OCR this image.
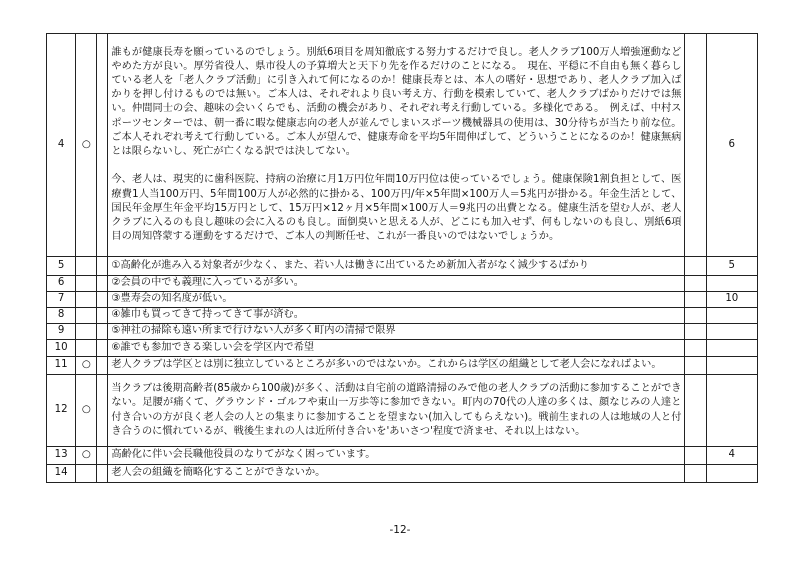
4	○		誰もが健康長寿を願っているのでしょう。別紙6項目を周知徹底する努力するだけで良し。老人クラブ100万人増強運動などやめた方が良い。厚労省役人、県市役人の予算増大と天下り先を作るだけのことになる。　現在、平穏に不自由も無く暮らしている老人を「老人クラブ活動」に引き入れて何になるのか！健康長寿とは、本人の嗜好・思想であり、老人クラブ加入ばかりを押し付けるものでは無い。ご本人は、それぞれより良い考え方、行動を模索していて、老人クラブばかりだけでは無い。仲間同士の会、趣味の会いくらでも、活動の機会があり、それぞれ考え行動している。多様化である。　例えば、中村スポーツセンターでは、朝一番に暇な健康志向の老人が並んでしまいスポーツ機械器具の使用は、30分待ちが当たり前な位。ご本人それぞれ考えて行動している。ご本人が望んで、健康寿命を平均5年間伸ばして、どういうことになるのか！健康無病とは限らないし、死亡が亡くなる訳では決してない。

今、老人は、現実的に歯科医院、持病の治療に月1万円位年間10万円位は使っているでしょう。健康保険1割負担として、医療費1人当100万円、5年間100万人が必然的に掛かる、100万円/年×5年間×100万人＝5兆円が掛かる。年金生活として、国民年金厚生年金平均15万円として、15万円×12ヶ月×5年間×100万人＝9兆円の出費となる。健康生活を望む人が、老人クラブに入るのも良し趣味の会に入るのも良し。面倒臭いと思える人が、どこにも加入せず、何もしないのも良し、別紙6項目の周知啓蒙する運動をするだけで、ご本人の判断任せ、これが一番良いのではないでしょうか。		6
5			①高齢化が進み入る対象者が少なく、また、若い人は働きに出ているため新加入者がなく減少するばかり		5
6			②会員の中でも義理に入っているが多い。		

7			③豊寿会の知名度が低い。		10
8			④雑巾も買ってきて持ってきて事が済む。		

9			⑤神社の掃除も遠い所まで行けない人が多く町内の清掃で限界		

10			⑥誰でも参加できる楽しい会を学区内で希望		

11	○		老人クラブは学区とは別に独立しているところが多いのではないか。これからは学区の組織として老人会になればよい。		

12	○		当クラブは後期高齢者(85歳から100歳)が多く、活動は自宅前の道路清掃のみで他の老人クラブの活動に参加することができない。足腰が痛くて、グラウンド・ゴルフや東山一万歩等に参加できない。町内の70代の人達の多くは、顔なじみの人達と付き合いの方が良く老人会の人との集まりに参加することを望まない(加入してもらえない)。戦前生まれの人は地域の人と付き合うのに慣れているが、戦後生まれの人は近所付き合いを'あいさつ'程度で済ませ、それ以上はない。		

13	○		高齢化に伴い会長職他役員のなりてがなく困っています。		4
14			老人会の組織を簡略化することができないか。		

-12-
